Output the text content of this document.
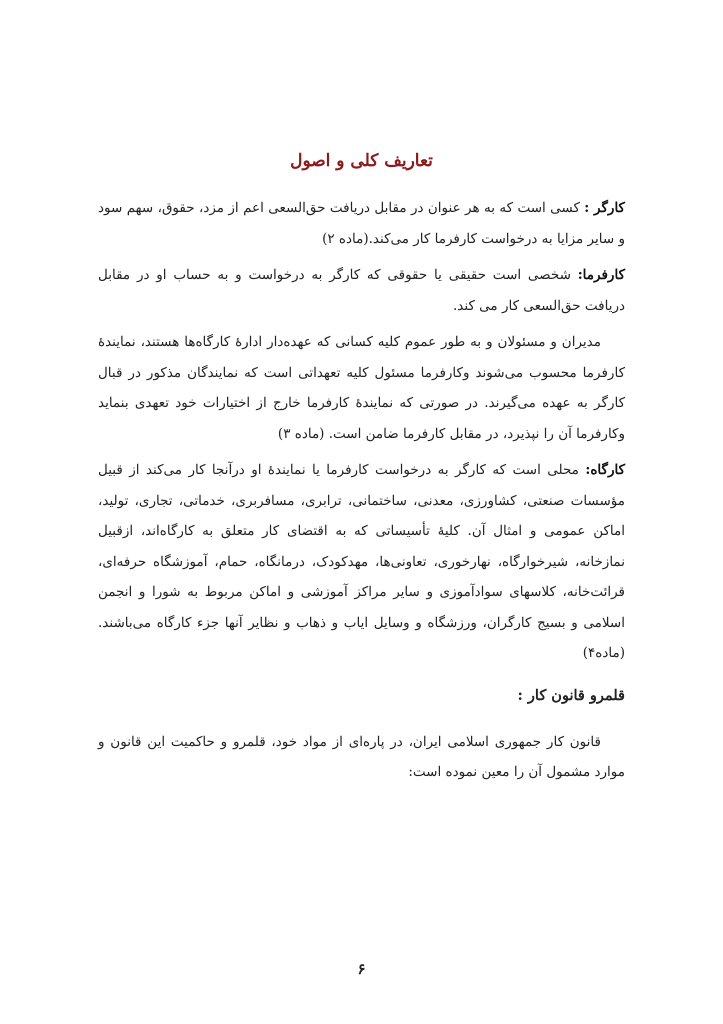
تعاریف کلی و اصول

کارگر : کسی است که به هر عنوان در مقابل دریافت حق‌السعی اعم از مزد، حقوق، سهم سود و سایر مزایا به درخواست کارفرما کار می‌کند.(ماده ۲)

کارفرما: شخصی است حقیقی یا حقوقی که کارگر به درخواست و به حساب او در مقابل دریافت حق‌السعی کار می کند.

مدیران و مسئولان و به طور عموم کلیه کسانی که عهده‌دار ادارهٔ کارگاه‌ها هستند، نمایندهٔ کارفرما محسوب می‌شوند وکارفرما مسئول کلیه تعهداتی است که نمایندگان مذکور در قبال کارگر به عهده می‌گیرند. در صورتی که نمایندهٔ کارفرما خارج از اختیارات خود تعهدی بنماید وکارفرما آن را نپذیرد، در مقابل کارفرما ضامن است. (ماده ۳)

کارگاه: محلی است که کارگر به درخواست کارفرما یا نمایندهٔ او درآنجا کار می‌کند از قبیل مؤسسات صنعتی، کشاورزی، معدنی، ساختمانی، ترابری، مسافربری، خدماتی، تجاری، تولید، اماکن عمومی و امثال آن. کلیهٔ تأسیساتی که به اقتضای کار متعلق به کارگاه‌اند، ازقبیل نمازخانه، شیرخوارگاه، نهارخوری، تعاونی‌ها، مهدکودک، درمانگاه، حمام، آموزشگاه حرفه‌ای، قرائت‌خانه، کلاسهای سوادآموزی و سایر مراکز آموزشی و اماکن مربوط به شورا و انجمن اسلامی و بسیج کارگران، ورزشگاه و وسایل ایاب و ذهاب و نظایر آنها جزء کارگاه می‌باشند.(ماده۴)

قلمرو قانون کار :

قانون کار جمهوری اسلامی ایران، در پاره‌ای از مواد خود، قلمرو و حاکمیت این قانون و موارد مشمول آن را معین نموده است:

۶
